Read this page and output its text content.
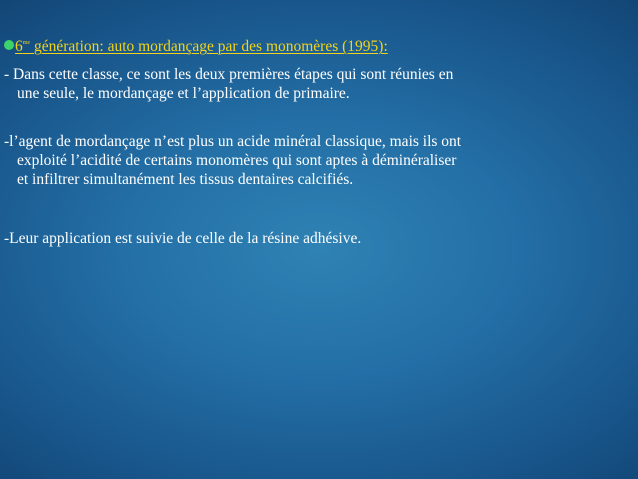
$6^{me}$ génération: auto mordançage par des monomères (1995):
- Dans cette classe, ce sont les deux premières étapes qui sont réunies en
une seule, le mordançage et l’application de primaire.
-l’agent de mordançage n’est plus un acide minéral classique, mais ils ont
exploité l’acidité de certains monomères qui sont aptes à déminéraliser
et infiltrer simultanément les tissus dentaires calcifiés.
-Leur application est suivie de celle de la résine adhésive.
